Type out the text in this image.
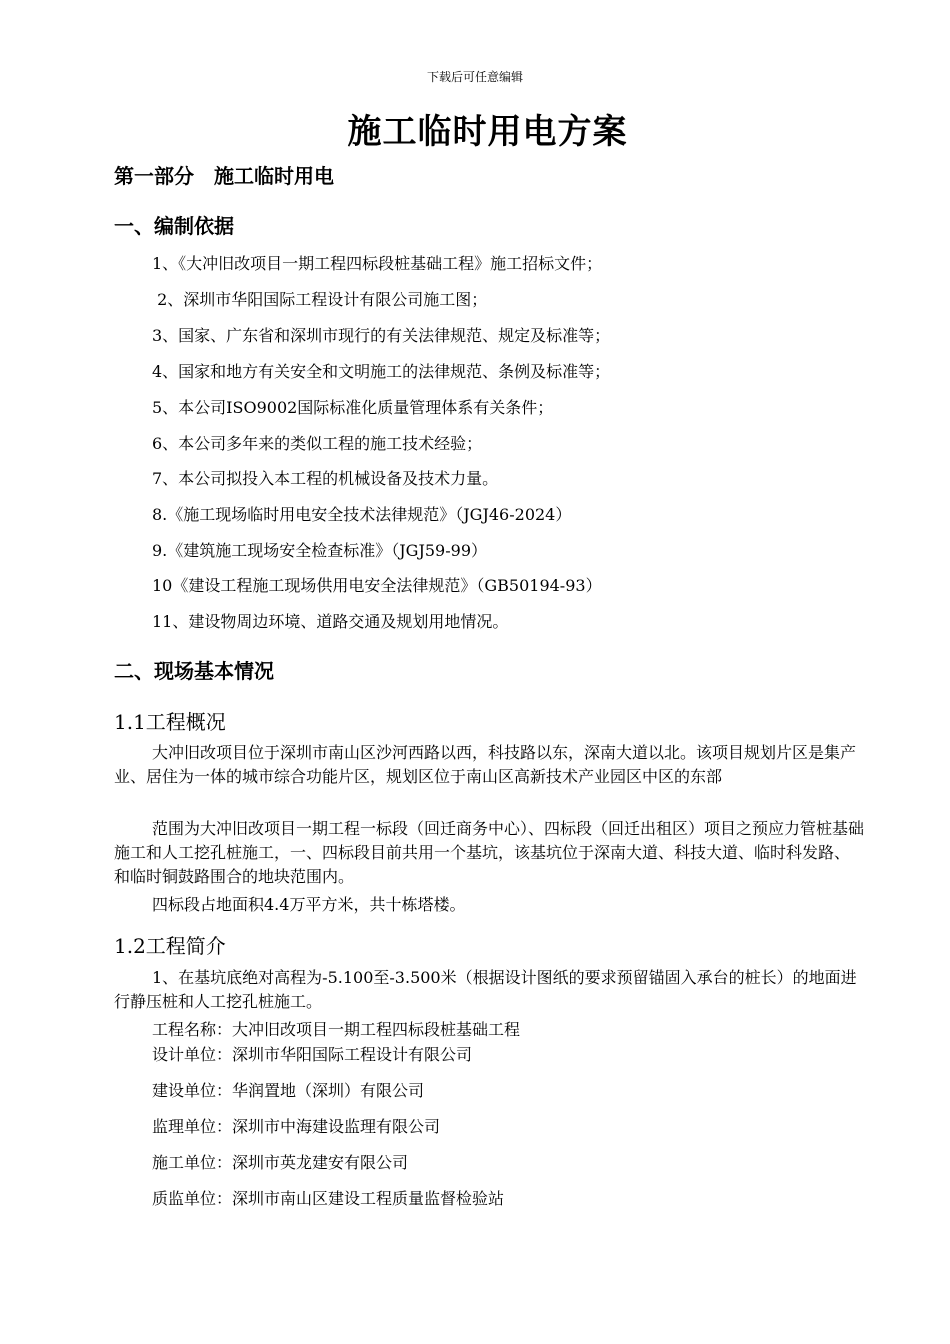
下载后可任意编辑
施工临时用电方案
第一部分　施工临时用电
一、编制依据
1、《大冲旧改项目一期工程四标段桩基础工程》施工招标文件；
2、深圳市华阳国际工程设计有限公司施工图；
3、国家、广东省和深圳市现行的有关法律规范、规定及标准等；
4、国家和地方有关安全和文明施工的法律规范、条例及标准等；
5、本公司ISO9002国际标准化质量管理体系有关条件；
6、本公司多年来的类似工程的施工技术经验；
7、本公司拟投入本工程的机械设备及技术力量。
8.《施工现场临时用电安全技术法律规范》（JGJ46-2024）
9.《建筑施工现场安全检查标准》（JGJ59-99）
10《建设工程施工现场供用电安全法律规范》（GB50194-93）
11、建设物周边环境、道路交通及规划用地情况。
二、现场基本情况
1.1工程概况

大冲旧改项目位于深圳市南山区沙河西路以西，科技路以东，深南大道以北。该项目规划片区是集产业、居住为一体的城市综合功能片区，规划区位于南山区高新技术产业园区中区的东部

范围为大冲旧改项目一期工程一标段（回迁商务中心）、四标段（回迁出租区）项目之预应力管桩基础施工和人工挖孔桩施工，一、四标段目前共用一个基坑，该基坑位于深南大道、科技大道、临时科发路、和临时铜鼓路围合的地块范围内。

四标段占地面积4.4万平方米，共十栋塔楼。

1.2工程简介

1、在基坑底绝对高程为-5.100至-3.500米（根据设计图纸的要求预留锚固入承台的桩长）的地面进行静压桩和人工挖孔桩施工。

工程名称：大冲旧改项目一期工程四标段桩基础工程
设计单位：深圳市华阳国际工程设计有限公司
建设单位：华润置地（深圳）有限公司
监理单位：深圳市中海建设监理有限公司
施工单位：深圳市英龙建安有限公司
质监单位：深圳市南山区建设工程质量监督检验站
